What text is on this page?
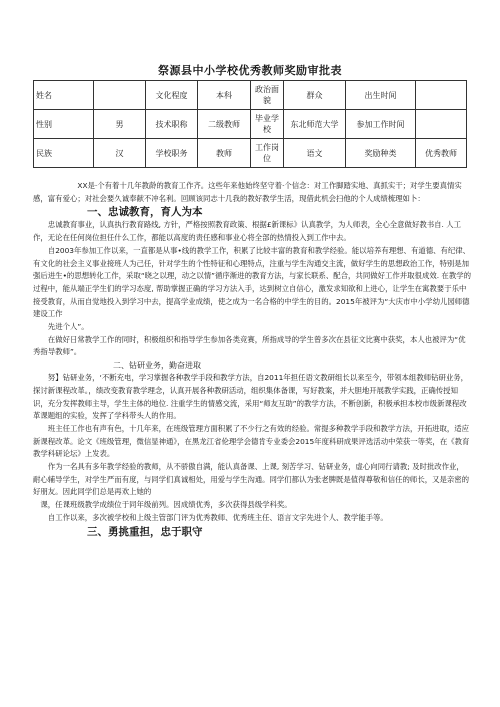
祭源县中小学校优秀教师奖励审批表
姓名		文化程度	本科	政治面貌	群众	出生时间	
性别	男	技术职称	二级教师	毕业学校	东北师范大学	参加工作时间	
民族	汉	学校职务	教师	工作岗位	语文	奖励种类	优秀教师

XX是·个有着十几年教龄的教育工作齐。这些年来他始终坚守着·个信念：对工作脚踏实地、真抓实干；对学生要真情实感，富有爱心；对社会要久诚奉献不冲名利。回顾该同志十几我的教好教学生活，现借此机会扫他的个人成绩梳理如卜：

一、忠诚教育，育人为本

忠诚教育事业，认真执行教育路线, 方针，严格按照教育政策、根据£新课标》认真教学，为人师表，全心全意做好教书自. 人工作，无论在任何岗位担任什么工作，都能以高度的责任感和事业心将全部的热情投入到工作中去。

自2003年参加工作以来，一直都是从事•线的教学工作，积累了比较丰富的教育和教学经验。能以培养有理想、有道德、有纪律、有文化的社会主义事业接班人为己任，针对学生的个性特征和心理特点，注重与学生沟通交主流，做好学生的思想政治工作，特别是加强后进生•的思想转化工作，采取“晓之以理，动之以情”循序渐进的教育方法，与家长联系、配合，共同做好工作并取很成效. 在教学的过程中，能从端正学生们的学习态度, 帮助掌握正确的学习方法入手，达到树立自信心，激发求知欲和上进心，让学生在寓教要于乐中接受教育，从而自觉地投入到学习中去，提高学业成绩，使之成为一名合格的中学生的目的。2015年被评为“大庆市中小学幼儿园师德建设工作

先进个人”。

在做好日常教学工作的同时，积极组织和指导学生参加各类竞赛，所指成导的学生曾多次在县征文比赛中获奖，本人也被评为“优秀指导教师”。

二、钻研业务，勤奋进取

努】钻研业务，‘不断充电，学习掌握各种教学手段和教学方法，自2011年担任语文教研组长以来至今，带领本组教师钻研业务，探讨新课程改革。，绩改变教育教学理念，认真开展各种教研活动，组织集体备课，写好教案，并大胆地开展教学实践，正确传授知识，充分发挥教师主导，学生主体的地位. 注重学生的情感交流，采用“师友互助”的教学方法，不断创新，积极承担本校市级新课程改革课题组的实验，发挥了学科带头人的作用。

班主任工作也有声有色，十几年来，在班级管理方面积累了不少行之有效的经验。常提多种教学手段和教学方法，开拓进取，适应新课程改革。论文《班级管理，微信显神通》，在黑龙江省伦理学会德肯专业委会2015年度科研成果评选活动中荣获一等奖，在《教育教学科研论坛》上发表。

作为一名具有多年教学经验的教师，从不骄傲自满，能认真备课、上课, 刻苦学习、钻研业务，虚心向同行请教; 及时批改作业，耐心辅导学生，对学生严而有度，与同学们真诚相处，用爱与学生沟通。同学们都认为张老脾既是值得尊敬和信任的师长，又是亲密的好朋友。因此同学们总是再欢上她的

课，任课班级教学成绩位于同年级前列。因成绩优秀，多次获得县级学科奖。

自工作以来，多次被学校和上级主管部门评为优秀教师、优秀班主任、语言文字先进个人、教学能手等。

三、勇挑重担，忠于职守
